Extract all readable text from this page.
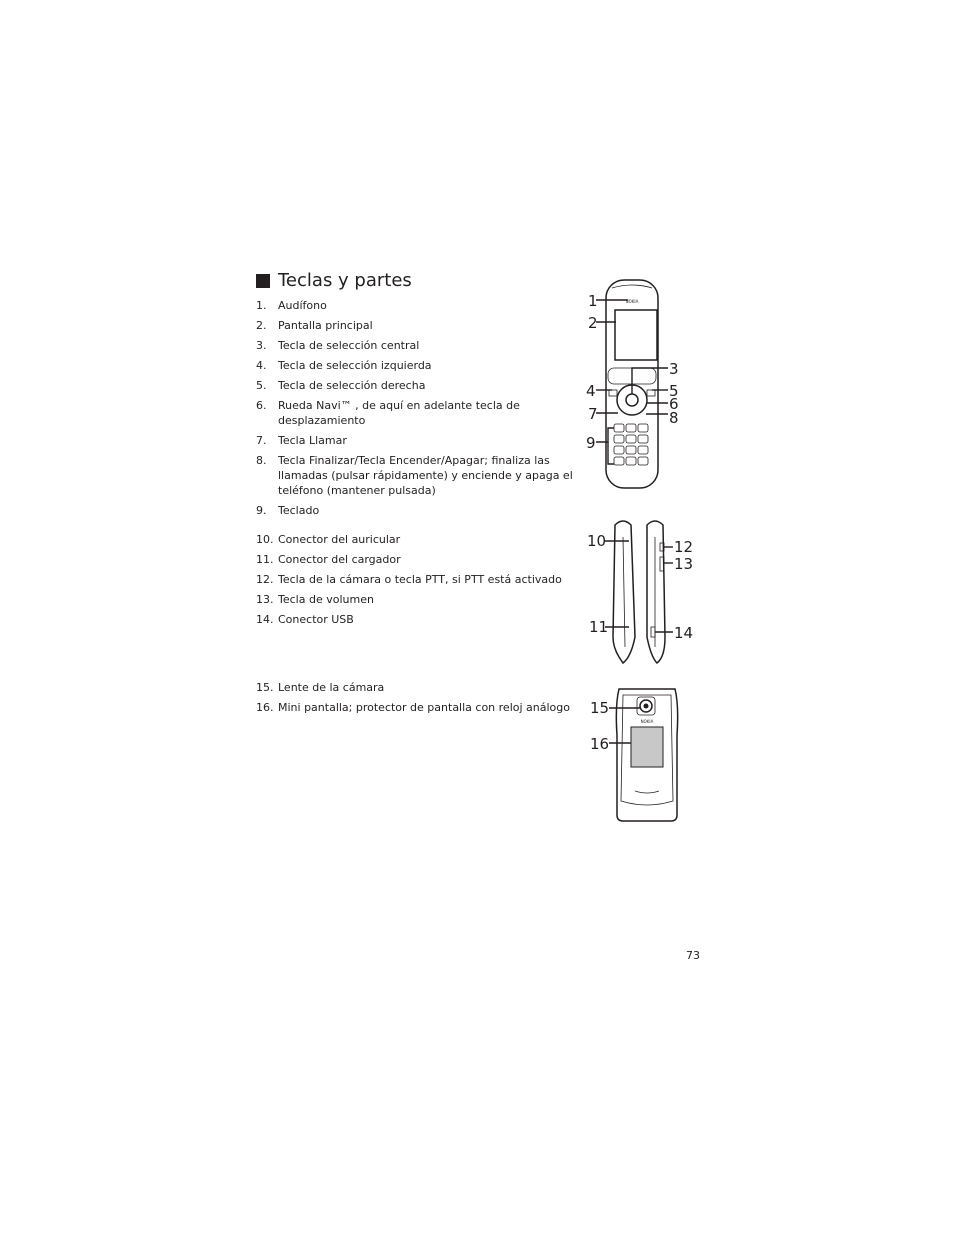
Teclas y partes
1.	Audífono
2.	Pantalla principal
3.	Tecla de selección central
4.	Tecla de selección izquierda
5.	Tecla de selección derecha
6.	Rueda Navi™ , de aquí en adelante tecla de desplazamiento
7.	Tecla Llamar
8.	Tecla Finalizar/Tecla Encender/Apagar; finaliza las llamadas (pulsar rápidamente) y enciende y apaga el teléfono (mantener pulsada)
9.	Teclado
10. Conector del auricular
11. Conector del cargador
12. Tecla de la cámara o tecla PTT, si PTT está activado
13. Tecla de volumen
14. Conector USB
15. Lente de la cámara
16. Mini pantalla; protector de pantalla con reloj análogo
NOKIA
1
2
3
4	5
6
7	8
9
10
11
12
13
14
NOKIA
15
16
73
